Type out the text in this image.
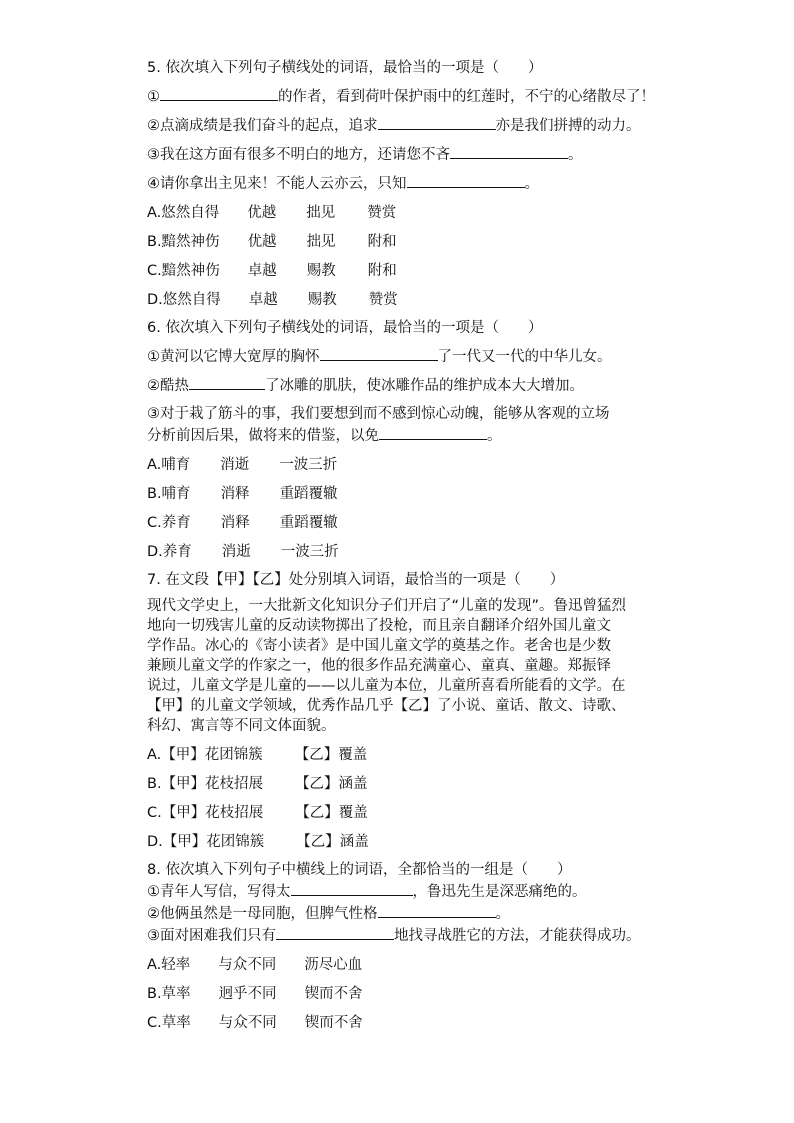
5. 依次填入下列句子横线处的词语，最恰当的一项是（　　）
①	的作者，看到荷叶保护雨中的红莲时，不宁的心绪散尽了！
②点滴成绩是我们奋斗的起点，追求	亦是我们拼搏的动力。
③我在这方面有很多不明白的地方，还请您不吝	。
④请你拿出主见来！不能人云亦云，只知	。
A.悠然自得 优越 拙见 赞赏
B.黯然神伤 优越 拙见 附和
C.黯然神伤 卓越 赐教 附和
D.悠然自得 卓越 赐教 赞赏
6. 依次填入下列句子横线处的词语，最恰当的一项是（　　）
①黄河以它博大宽厚的胸怀	了一代又一代的中华儿女。
②酷热	了冰雕的肌肤，使冰雕作品的维护成本大大增加。
③对于栽了筋斗的事，我们要想到而不感到惊心动魄，能够从客观的立场
分析前因后果，做将来的借鉴，以免	。
A.哺育 消逝 一波三折
B.哺育 消释 重蹈覆辙
C.养育 消释 重蹈覆辙
D.养育 消逝 一波三折
7. 在文段【甲】【乙】处分别填入词语，最恰当的一项是（　　）
现代文学史上，一大批新文化知识分子们开启了“儿童的发现”。鲁迅曾猛烈
地向一切残害儿童的反动读物掷出了投枪，而且亲自翻译介绍外国儿童文
学作品。冰心的《寄小读者》是中国儿童文学的奠基之作。老舍也是少数
兼顾儿童文学的作家之一，他的很多作品充满童心、童真、童趣。郑振铎
说过，儿童文学是儿童的——以儿童为本位，儿童所喜看所能看的文学。在
【甲】的儿童文学领域，优秀作品几乎【乙】了小说、童话、散文、诗歌、
科幻、寓言等不同文体面貌。
A.【甲】花团锦簇 【乙】覆盖
B.【甲】花枝招展 【乙】涵盖
C.【甲】花枝招展 【乙】覆盖
D.【甲】花团锦簇 【乙】涵盖
8. 依次填入下列句子中横线上的词语，全都恰当的一组是（　　）
①青年人写信，写得太	，鲁迅先生是深恶痛绝的。
②他俩虽然是一母同胞，但脾气性格	。
③面对困难我们只有	地找寻战胜它的方法，才能获得成功。
A.轻率 与众不同 沥尽心血
B.草率 迥乎不同 锲而不舍
C.草率 与众不同 锲而不舍
